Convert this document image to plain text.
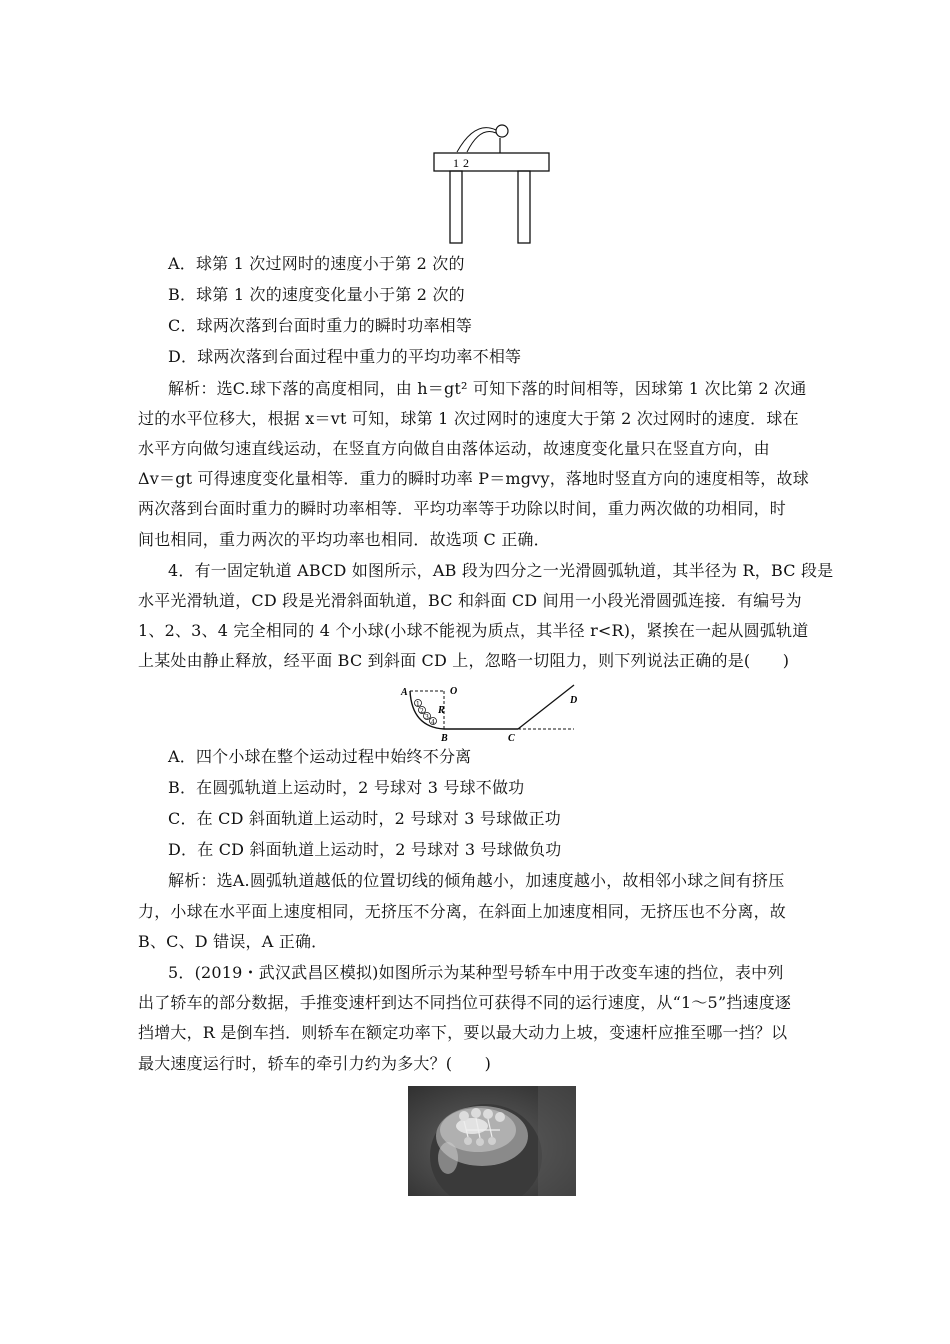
1 2
A．球第 1 次过网时的速度小于第 2 次的
B．球第 1 次的速度变化量小于第 2 次的
C．球两次落到台面时重力的瞬时功率相等
D．球两次落到台面过程中重力的平均功率不相等
解析：选C.球下落的高度相同，由 h＝gt² 可知下落的时间相等，因球第 1 次比第 2 次通
过的水平位移大，根据 x＝vt 可知，球第 1 次过网时的速度大于第 2 次过网时的速度．球在
水平方向做匀速直线运动，在竖直方向做自由落体运动，故速度变化量只在竖直方向，由
Δv＝gt 可得速度变化量相等．重力的瞬时功率 P＝mgvy，落地时竖直方向的速度相等，故球
两次落到台面时重力的瞬时功率相等．平均功率等于功除以时间，重力两次做的功相同，时
间也相同，重力两次的平均功率也相同．故选项 C 正确．
4．有一固定轨道 ABCD 如图所示，AB 段为四分之一光滑圆弧轨道，其半径为 R，BC 段是
水平光滑轨道，CD 段是光滑斜面轨道，BC 和斜面 CD 间用一小段光滑圆弧连接．有编号为
1、2、3、4 完全相同的 4 个小球(小球不能视为质点，其半径 r<R)，紧挨在一起从圆弧轨道
上某处由静止释放，经平面 BC 到斜面 CD 上，忽略一切阻力，则下列说法正确的是(　　)
1
2
3
4
A	O
R
B	C
D
A．四个小球在整个运动过程中始终不分离
B．在圆弧轨道上运动时，2 号球对 3 号球不做功
C．在 CD 斜面轨道上运动时，2 号球对 3 号球做正功
D．在 CD 斜面轨道上运动时，2 号球对 3 号球做负功
解析：选A.圆弧轨道越低的位置切线的倾角越小，加速度越小，故相邻小球之间有挤压
力，小球在水平面上速度相同，无挤压不分离，在斜面上加速度相同，无挤压也不分离，故
B、C、D 错误，A 正确．
5．(2019・武汉武昌区模拟)如图所示为某种型号轿车中用于改变车速的挡位，表中列
出了轿车的部分数据，手推变速杆到达不同挡位可获得不同的运行速度，从“1～5”挡速度逐
挡增大，R 是倒车挡．则轿车在额定功率下，要以最大动力上坡，变速杆应推至哪一挡？以
最大速度运行时，轿车的牵引力约为多大？(　　)
